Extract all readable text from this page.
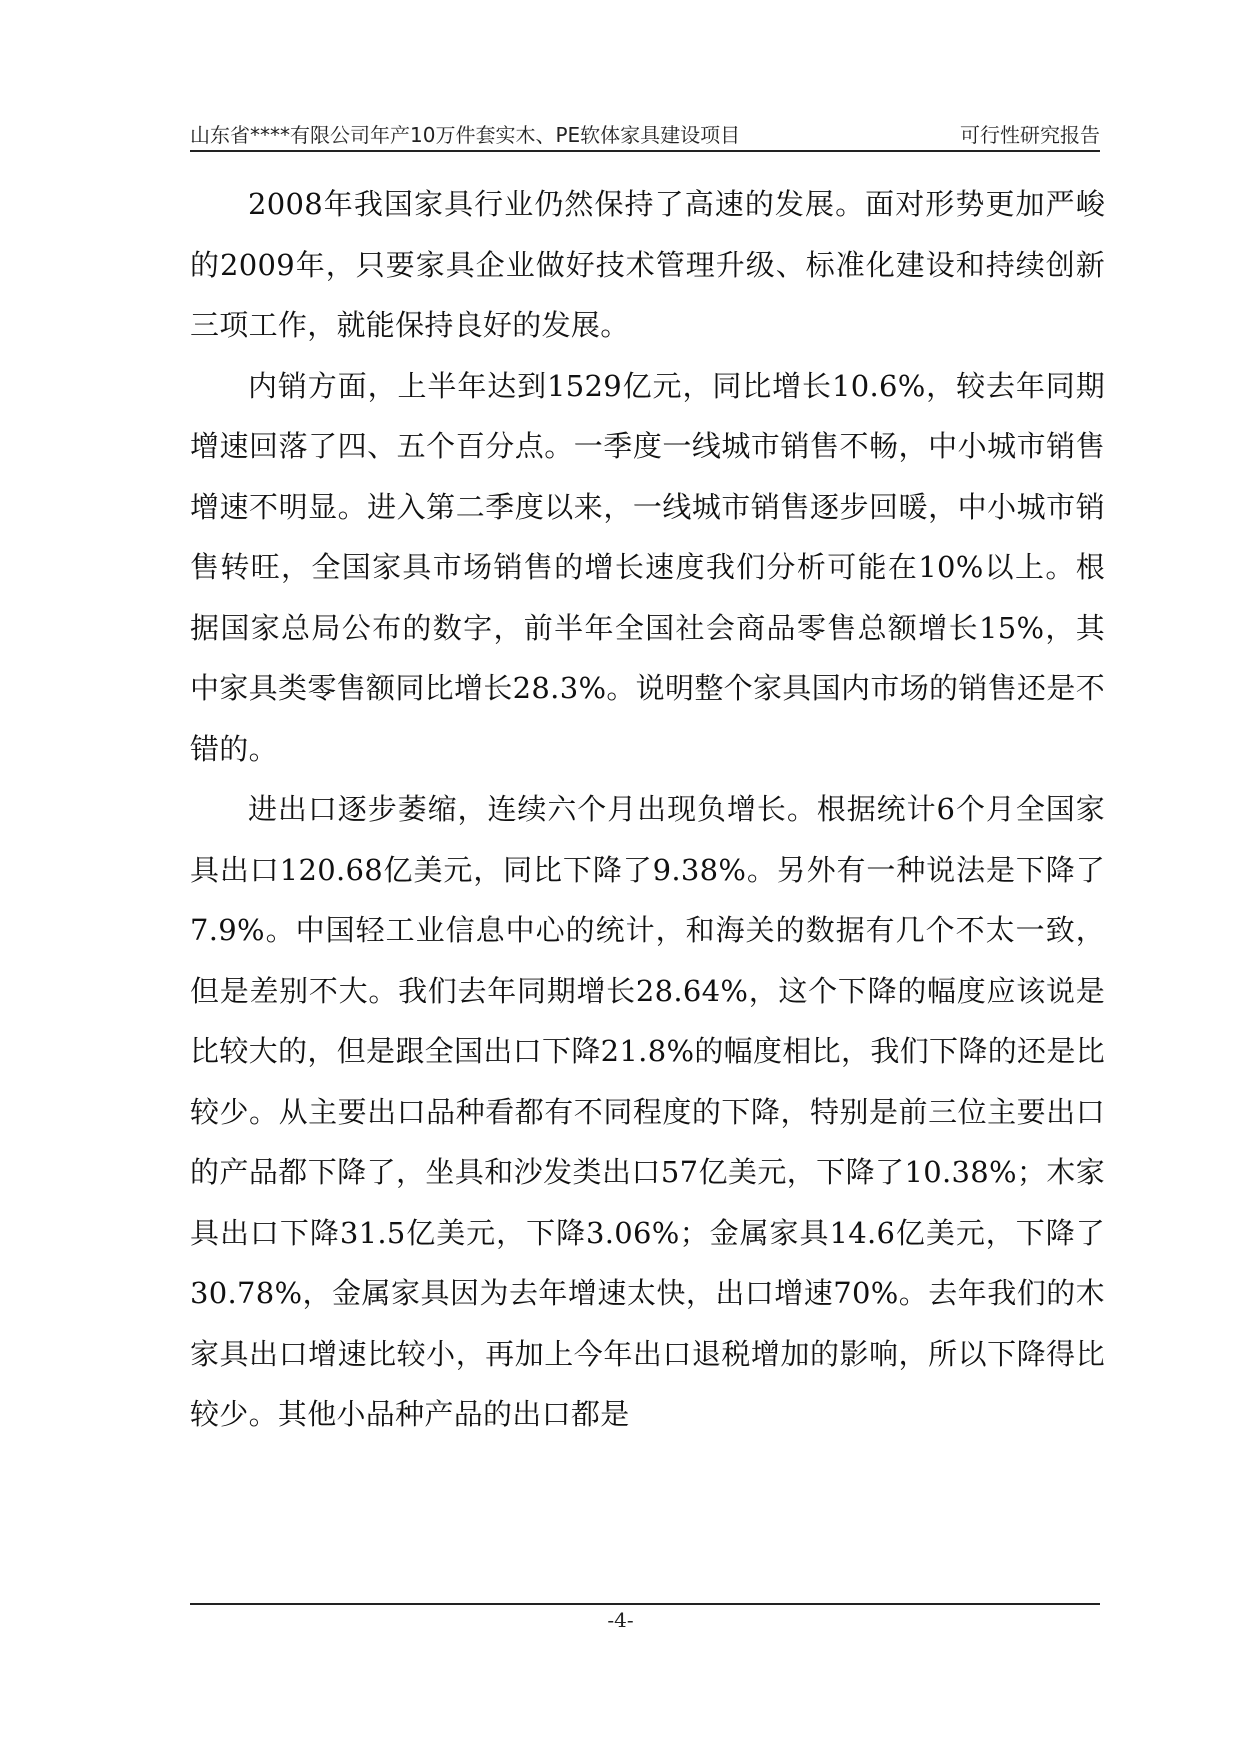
山东省****有限公司年产10万件套实木、PE软体家具建设项目	可行性研究报告

2008年我国家具行业仍然保持了高速的发展。面对形势更加严峻的2009年，只要家具企业做好技术管理升级、标准化建设和持续创新三项工作，就能保持良好的发展。

内销方面，上半年达到1529亿元，同比增长10.6%，较去年同期增速回落了四、五个百分点。一季度一线城市销售不畅，中小城市销售增速不明显。进入第二季度以来，一线城市销售逐步回暖，中小城市销售转旺，全国家具市场销售的增长速度我们分析可能在10%以上。根据国家总局公布的数字，前半年全国社会商品零售总额增长15%，其中家具类零售额同比增长28.3%。说明整个家具国内市场的销售还是不错的。

进出口逐步萎缩，连续六个月出现负增长。根据统计6个月全国家具出口120.68亿美元，同比下降了9.38%。另外有一种说法是下降了7.9%。中国轻工业信息中心的统计，和海关的数据有几个不太一致，但是差别不大。我们去年同期增长28.64%，这个下降的幅度应该说是比较大的，但是跟全国出口下降21.8%的幅度相比，我们下降的还是比较少。从主要出口品种看都有不同程度的下降，特别是前三位主要出口的产品都下降了，坐具和沙发类出口57亿美元，下降了10.38%；木家具出口下降31.5亿美元，下降3.06%；金属家具14.6亿美元，下降了30.78%，金属家具因为去年增速太快，出口增速70%。去年我们的木家具出口增速比较小，再加上今年出口退税增加的影响，所以下降得比较少。其他小品种产品的出口都是

-4-
